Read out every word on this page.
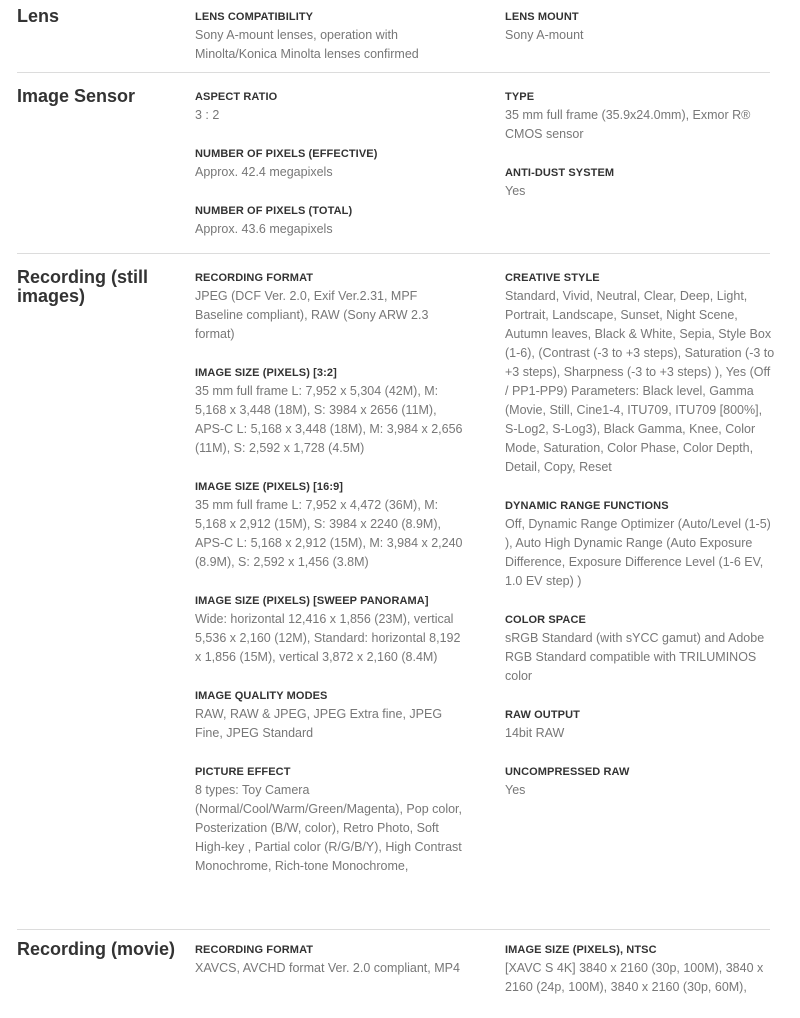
Lens	LENS COMPATIBILITY
Sony A-mount lenses, operation with Minolta/Konica Minolta lenses confirmed
LENS MOUNT
Sony A-mount
Image Sensor	ASPECT RATIO
3 : 2
NUMBER OF PIXELS (EFFECTIVE)
Approx. 42.4 megapixels
NUMBER OF PIXELS (TOTAL)
Approx. 43.6 megapixels
TYPE
35 mm full frame (35.9x24.0mm), Exmor R® CMOS sensor
ANTI-DUST SYSTEM
Yes
Recording (still
images)
RECORDING FORMAT
JPEG (DCF Ver. 2.0, Exif Ver.2.31, MPF Baseline compliant), RAW (Sony ARW 2.3 format)
IMAGE SIZE (PIXELS) [3:2]
35 mm full frame L: 7,952 x 5,304 (42M), M: 5,168 x 3,448 (18M), S: 3984 x 2656 (11M), APS-C L: 5,168 x 3,448 (18M), M: 3,984 x 2,656 (11M), S: 2,592 x 1,728 (4.5M)
IMAGE SIZE (PIXELS) [16:9]
35 mm full frame L: 7,952 x 4,472 (36M), M: 5,168 x 2,912 (15M), S: 3984 x 2240 (8.9M), APS-C L: 5,168 x 2,912 (15M), M: 3,984 x 2,240 (8.9M), S: 2,592 x 1,456 (3.8M)
IMAGE SIZE (PIXELS) [SWEEP PANORAMA]
Wide: horizontal 12,416 x 1,856 (23M), vertical 5,536 x 2,160 (12M), Standard: horizontal 8,192 x 1,856 (15M), vertical 3,872 x 2,160 (8.4M)
IMAGE QUALITY MODES
RAW, RAW & JPEG, JPEG Extra fine, JPEG Fine, JPEG Standard
PICTURE EFFECT
8 types: Toy Camera (Normal/Cool/Warm/Green/Magenta), Pop color, Posterization (B/W, color), Retro Photo, Soft High-key , Partial color (R/G/B/Y), High Contrast Monochrome, Rich-tone Monochrome,
CREATIVE STYLE
Standard, Vivid, Neutral, Clear, Deep, Light, Portrait, Landscape, Sunset, Night Scene, Autumn leaves, Black & White, Sepia, Style Box (1-6), (Contrast (-3 to +3 steps), Saturation (-3 to +3 steps), Sharpness (-3 to +3 steps) ), Yes (Off / PP1-PP9) Parameters: Black level, Gamma (Movie, Still, Cine1-4, ITU709, ITU709 [800%], S-Log2, S-Log3), Black Gamma, Knee, Color Mode, Saturation, Color Phase, Color Depth, Detail, Copy, Reset
DYNAMIC RANGE FUNCTIONS
Off, Dynamic Range Optimizer (Auto/Level (1-5) ), Auto High Dynamic Range (Auto Exposure Difference, Exposure Difference Level (1-6 EV, 1.0 EV step) )
COLOR SPACE
sRGB Standard (with sYCC gamut) and Adobe RGB Standard compatible with TRILUMINOS color
RAW OUTPUT
14bit RAW
UNCOMPRESSED RAW
Yes
Recording (movie)	RECORDING FORMAT
XAVCS, AVCHD format Ver. 2.0 compliant, MP4
IMAGE SIZE (PIXELS), NTSC
[XAVC S 4K] 3840 x 2160 (30p, 100M), 3840 x 2160 (24p, 100M), 3840 x 2160 (30p, 60M),
